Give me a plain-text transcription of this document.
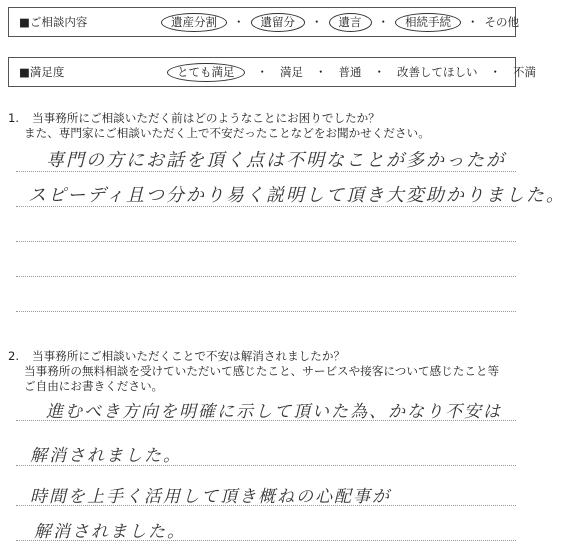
■ご相談内容	遺産分割 ・ 遺留分 ・ 遺言 ・ 相続手続 ・ その他
■満足度	とても満足 ・ 満足 ・ 普通 ・ 改善してほしい ・ 不満
1. 当事務所にご相談いただく前はどのようなことにお困りでしたか？
また、専門家にご相談いただく上で不安だったことなどをお聞かせください。
専門の方にお話を頂く点は不明なことが多かったが
スピーディ且つ分かり易く説明して頂き大変助かりました。
2. 当事務所にご相談いただくことで不安は解消されましたか？
当事務所の無料相談を受けていただいて感じたこと、サービスや接客について感じたこと等
ご自由にお書きください。
進むべき方向を明確に示して頂いた為、かなり不安は
解消されました。
時間を上手く活用して頂き概ねの心配事が
解消されました。
